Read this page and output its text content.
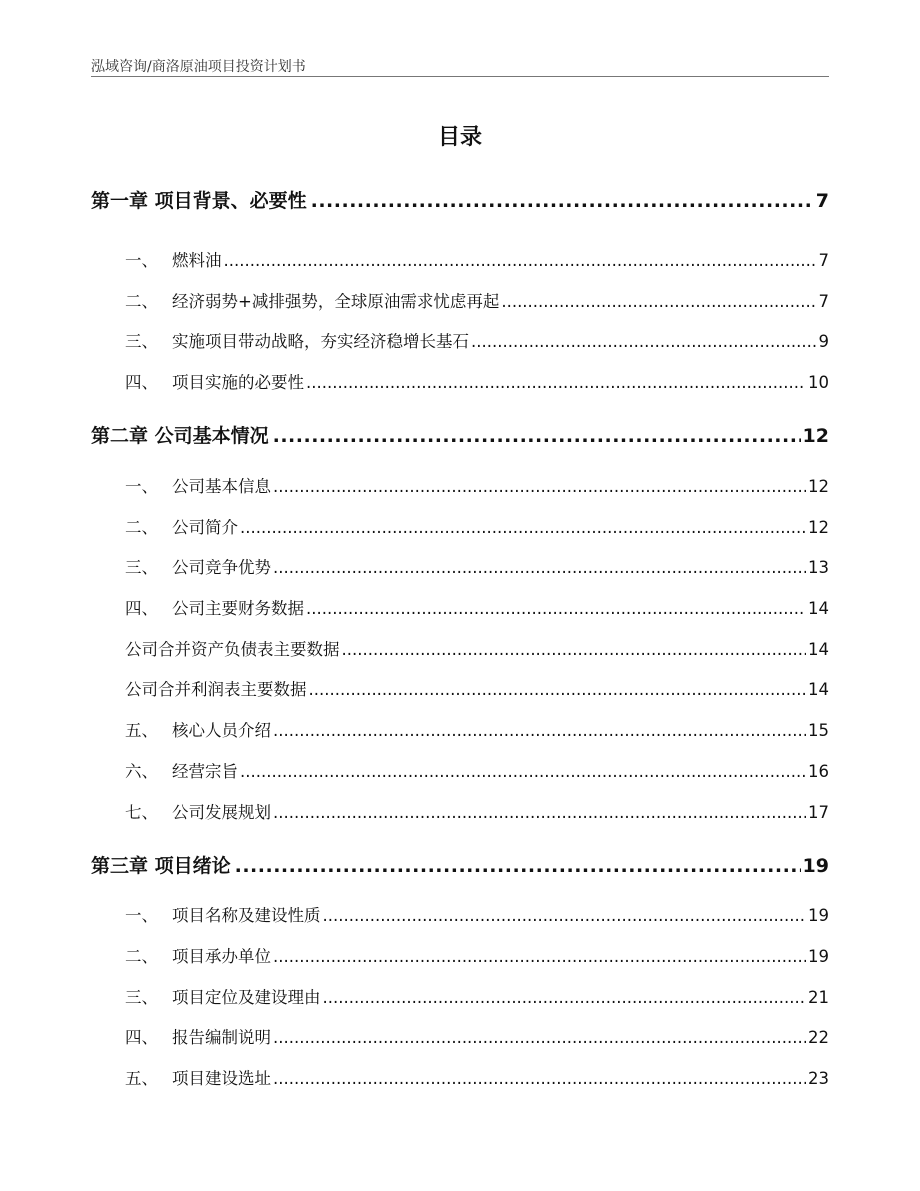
泓域咨询/商洛原油项目投资计划书
目录
第一章 项目背景、必要性 .....	7
一、 燃料油 .....	7
二、 经济弱势+减排强势，全球原油需求忧虑再起 .....	7
三、 实施项目带动战略，夯实经济稳增长基石 .....	9
四、 项目实施的必要性 .....	10
第二章 公司基本情况 .....	12
一、 公司基本信息 .....	12
二、 公司简介 .....	12
三、 公司竞争优势 .....	13
四、 公司主要财务数据 .....	14
公司合并资产负债表主要数据 .....	14
公司合并利润表主要数据 .....	14
五、 核心人员介绍 .....	15
六、 经营宗旨 .....	16
七、 公司发展规划 .....	17
第三章 项目绪论 .....	19
一、 项目名称及建设性质 .....	19
二、 项目承办单位 .....	19
三、 项目定位及建设理由 .....	21
四、 报告编制说明 .....	22
五、 项目建设选址 .....	23
